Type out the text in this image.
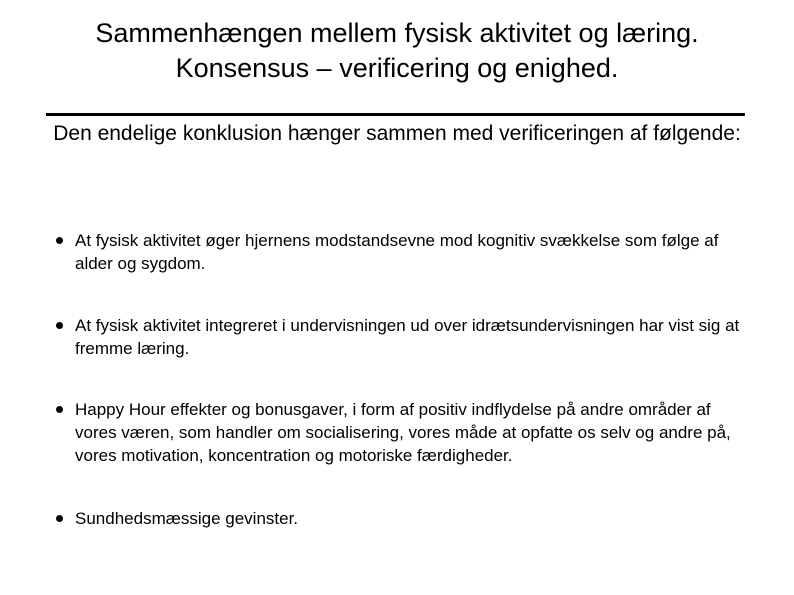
Sammenhængen mellem fysisk aktivitet og læring.
Konsensus – verificering og enighed.
Den endelige konklusion hænger sammen med verificeringen af følgende:
At fysisk aktivitet øger hjernens modstandsevne mod kognitiv svækkelse som følge af alder og sygdom.
At fysisk aktivitet integreret i undervisningen ud over idrætsundervisningen har vist sig at fremme læring.
Happy Hour effekter og bonusgaver, i form af positiv indflydelse på andre områder af vores væren, som handler om socialisering, vores måde at opfatte os selv og andre på, vores motivation, koncentration og motoriske færdigheder.
Sundhedsmæssige gevinster.
